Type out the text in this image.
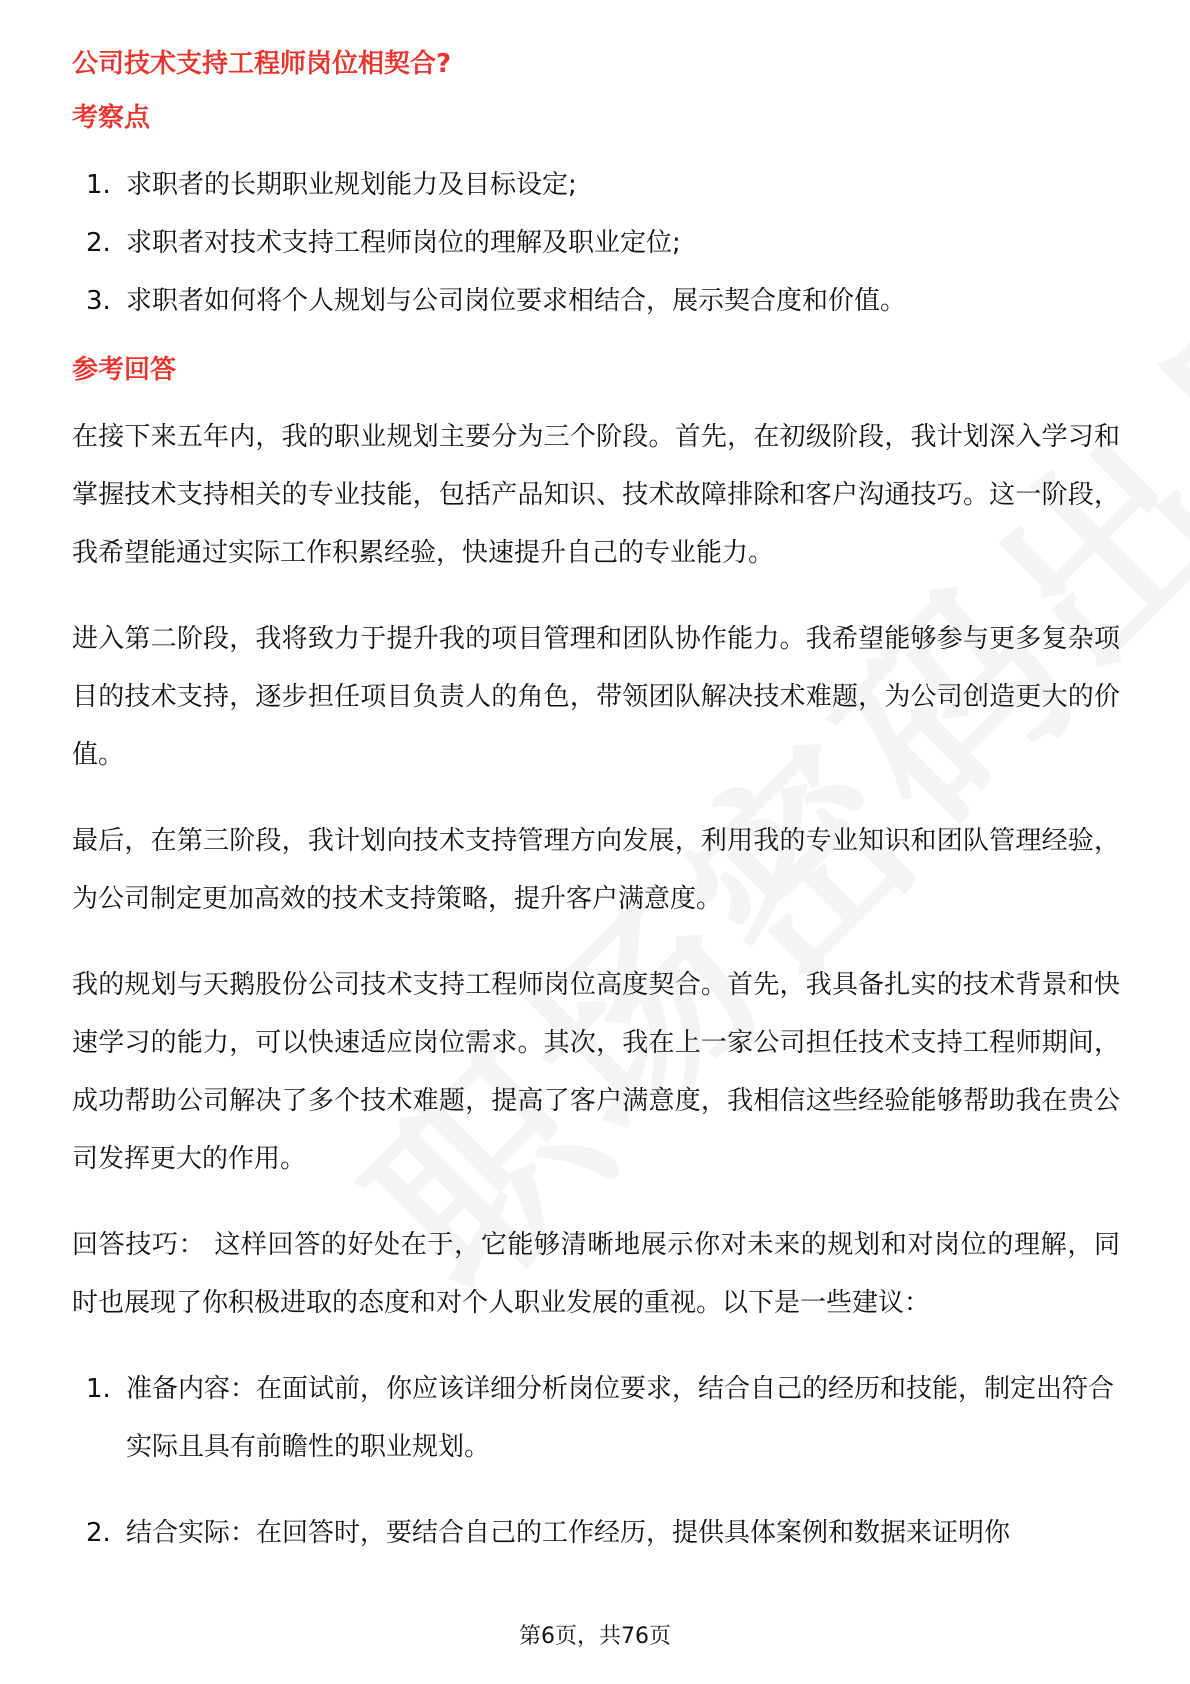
公司技术支持工程师岗位相契合?
考察点
1. 求职者的长期职业规划能力及目标设定;
2. 求职者对技术支持工程师岗位的理解及职业定位;
3. 求职者如何将个人规划与公司岗位要求相结合，展示契合度和价值。
参考回答

在接下来五年内，我的职业规划主要分为三个阶段。首先，在初级阶段，我计划深入学习和掌握技术支持相关的专业技能，包括产品知识、技术故障排除和客户沟通技巧。这一阶段，我希望能通过实际工作积累经验，快速提升自己的专业能力。

进入第二阶段，我将致力于提升我的项目管理和团队协作能力。我希望能够参与更多复杂项目的技术支持，逐步担任项目负责人的角色，带领团队解决技术难题，为公司创造更大的价值。

最后，在第三阶段，我计划向技术支持管理方向发展，利用我的专业知识和团队管理经验，为公司制定更加高效的技术支持策略，提升客户满意度。

我的规划与天鹅股份公司技术支持工程师岗位高度契合。首先，我具备扎实的技术背景和快速学习的能力，可以快速适应岗位需求。其次，我在上一家公司担任技术支持工程师期间，成功帮助公司解决了多个技术难题，提高了客户满意度，我相信这些经验能够帮助我在贵公司发挥更大的作用。

回答技巧： 这样回答的好处在于，它能够清晰地展示你对未来的规划和对岗位的理解，同时也展现了你积极进取的态度和对个人职业发展的重视。以下是一些建议：

1. 准备内容：在面试前，你应该详细分析岗位要求，结合自己的经历和技能，制定出符合实际且具有前瞻性的职业规划。
2. 结合实际：在回答时，要结合自己的工作经历，提供具体案例和数据来证明你
第6页，共76页
